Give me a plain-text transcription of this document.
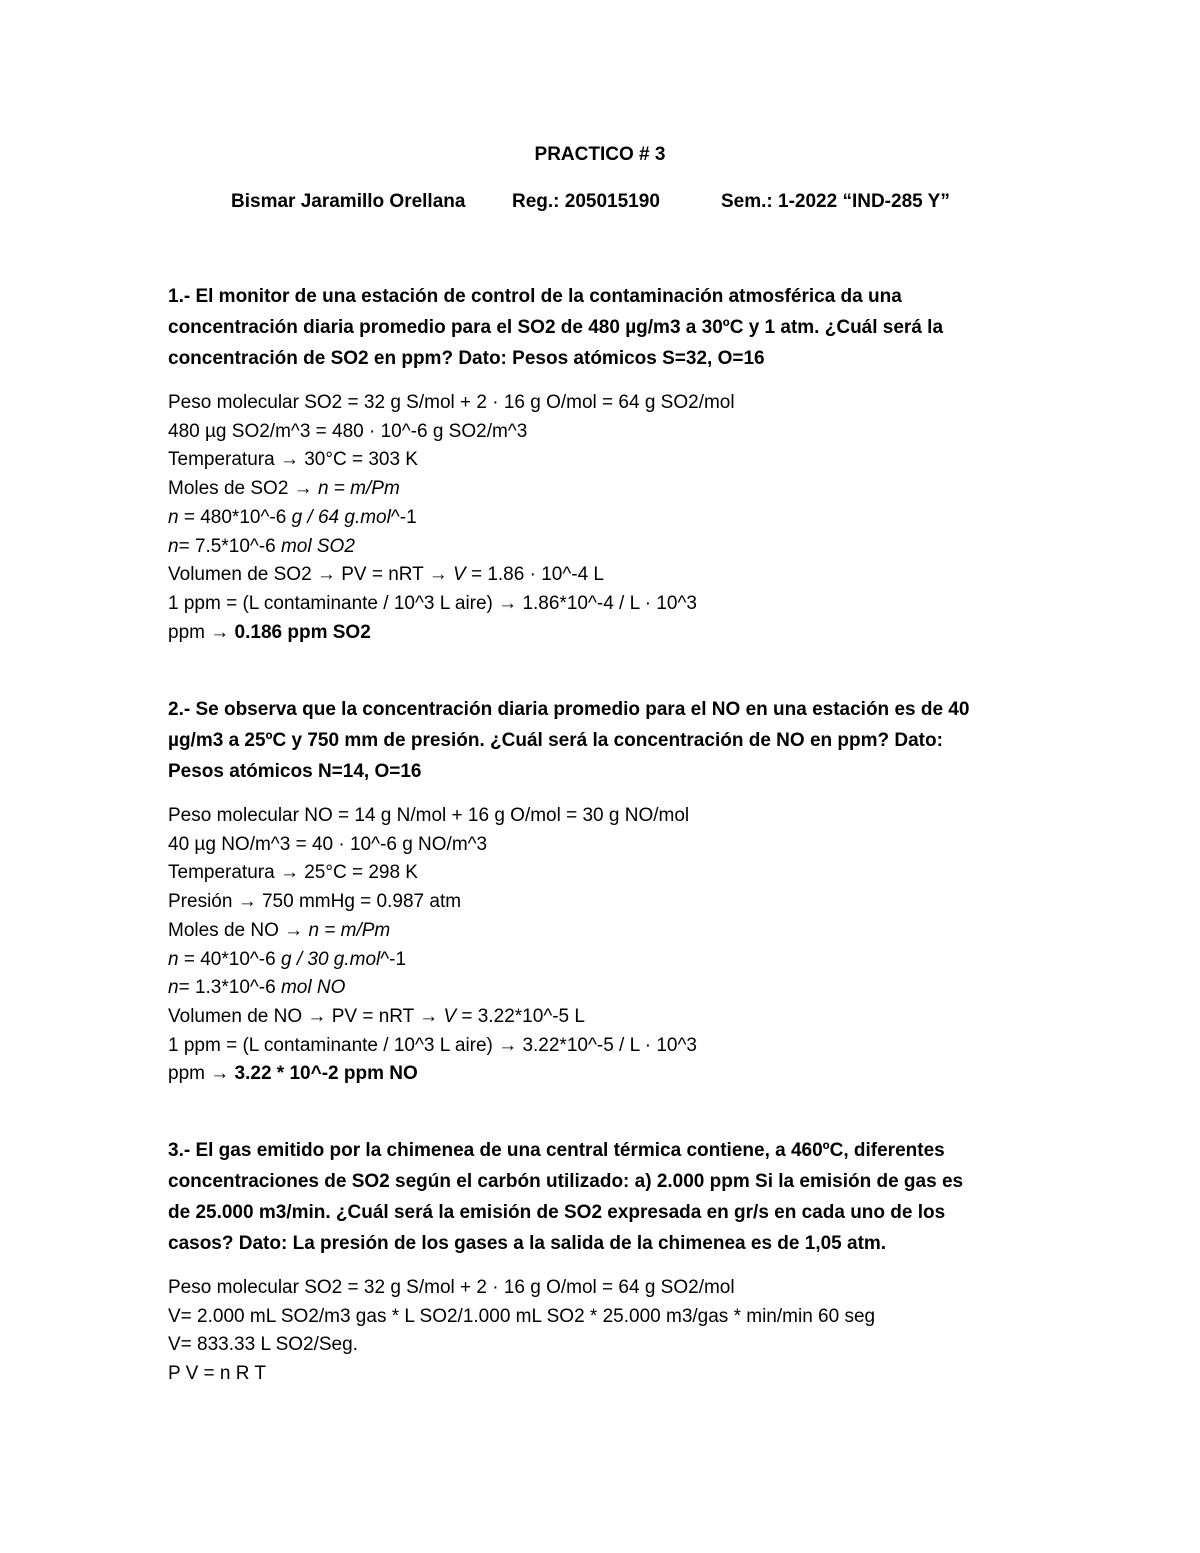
PRACTICO # 3
Bismar Jaramillo Orellana Reg.: 205015190	Sem.: 1-2022 “IND-285 Y”
1.- El monitor de una estación de control de la contaminación atmosférica da una
concentración diaria promedio para el SO2 de 480 µg/m3 a 30ºC y 1 atm. ¿Cuál será la
concentración de SO2 en ppm? Dato: Pesos atómicos S=32, O=16
Peso molecular SO2 = 32 g S/mol + 2 · 16 g O/mol = 64 g SO2/mol
480 µg SO2/m^3 = 480 · 10^-6 g SO2/m^3
Temperatura → 30°C = 303 K
Moles de SO2 → n = m/Pm
n = 480*10^-6 g / 64 g.mol^-1
n= 7.5*10^-6 mol SO2
Volumen de SO2 → PV = nRT → V = 1.86 · 10^-4 L
1 ppm = (L contaminante / 10^3 L aire) → 1.86*10^-4 / L · 10^3
ppm → 0.186 ppm SO2
2.- Se observa que la concentración diaria promedio para el NO en una estación es de 40
µg/m3 a 25ºC y 750 mm de presión. ¿Cuál será la concentración de NO en ppm? Dato:
Pesos atómicos N=14, O=16
Peso molecular NO = 14 g N/mol + 16 g O/mol = 30 g NO/mol
40 µg NO/m^3 = 40 · 10^-6 g NO/m^3
Temperatura → 25°C = 298 K
Presión → 750 mmHg = 0.987 atm
Moles de NO → n = m/Pm
n = 40*10^-6 g / 30 g.mol^-1
n= 1.3*10^-6 mol NO
Volumen de NO → PV = nRT → V = 3.22*10^-5 L
1 ppm = (L contaminante / 10^3 L aire) → 3.22*10^-5 / L · 10^3
ppm → 3.22 * 10^-2 ppm NO
3.- El gas emitido por la chimenea de una central térmica contiene, a 460ºC, diferentes
concentraciones de SO2 según el carbón utilizado: a) 2.000 ppm Si la emisión de gas es
de 25.000 m3/min. ¿Cuál será la emisión de SO2 expresada en gr/s en cada uno de los
casos? Dato: La presión de los gases a la salida de la chimenea es de 1,05 atm.
Peso molecular SO2 = 32 g S/mol + 2 · 16 g O/mol = 64 g SO2/mol
V= 2.000 mL SO2/m3 gas * L SO2/1.000 mL SO2 * 25.000 m3/gas * min/min 60 seg
V= 833.33 L SO2/Seg.
P V = n R T
